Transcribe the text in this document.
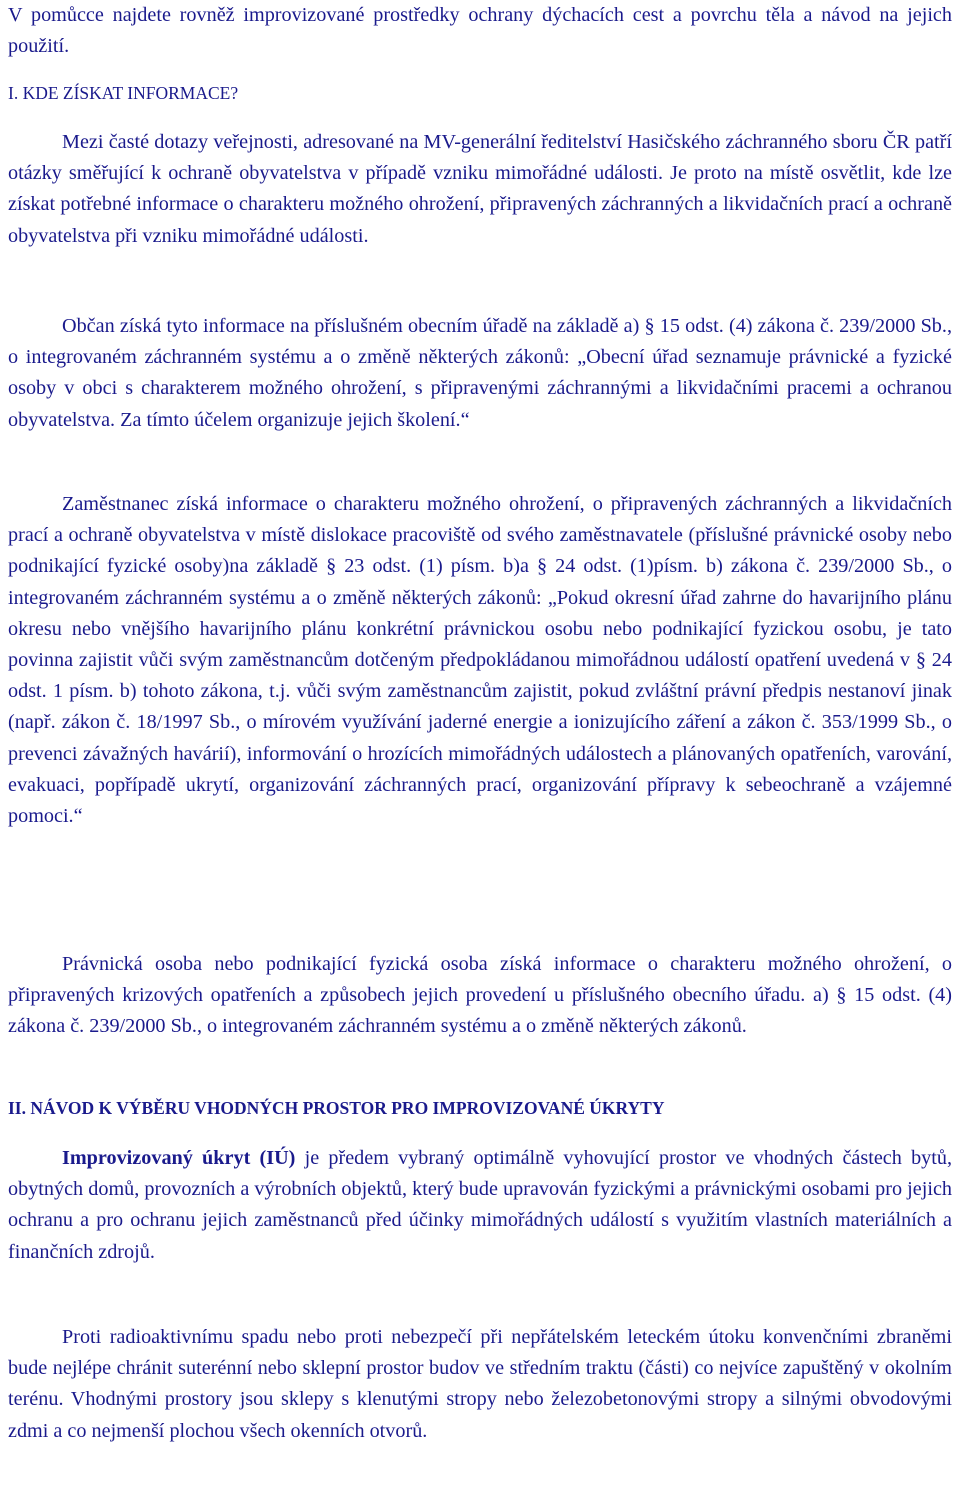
V pomůcce najdete rovněž improvizované prostředky ochrany dýchacích cest a povrchu těla a návod na jejich použití.

I. KDE ZÍSKAT INFORMACE?

Mezi časté dotazy veřejnosti, adresované na MV-generální ředitelství Hasičského záchranného sboru ČR patří otázky směřující k ochraně obyvatelstva v případě vzniku mimořádné události. Je proto na místě osvětlit, kde lze získat potřebné informace o charakteru možného ohrožení, připravených záchranných a likvidačních prací a ochraně obyvatelstva při vzniku mimořádné události.

Občan získá tyto informace na příslušném obecním úřadě na základě a) § 15 odst. (4) zákona č. 239/2000 Sb., o integrovaném záchranném systému a o změně některých zákonů: „Obecní úřad seznamuje právnické a fyzické osoby v obci s charakterem možného ohrožení, s připravenými záchrannými a likvidačními pracemi a ochranou obyvatelstva. Za tímto účelem organizuje jejich školení.“

Zaměstnanec získá informace o charakteru možného ohrožení, o připravených záchranných a likvidačních prací a ochraně obyvatelstva v místě dislokace pracoviště od svého zaměstnavatele (příslušné právnické osoby nebo podnikající fyzické osoby)na základě § 23 odst. (1) písm. b)a § 24 odst. (1)písm. b) zákona č. 239/2000 Sb., o integrovaném záchranném systému a o změně některých zákonů: „Pokud okresní úřad zahrne do havarijního plánu okresu nebo vnějšího havarijního plánu konkrétní právnickou osobu nebo podnikající fyzickou osobu, je tato povinna zajistit vůči svým zaměstnancům dotčeným předpokládanou mimořádnou událostí opatření uvedená v § 24 odst. 1 písm. b) tohoto zákona, t.j. vůči svým zaměstnancům zajistit, pokud zvláštní právní předpis nestanoví jinak (např. zákon č. 18/1997 Sb., o mírovém využívání jaderné energie a ionizujícího záření a zákon č. 353/1999 Sb., o prevenci závažných havárií), informování o hrozících mimořádných událostech a plánovaných opatřeních, varování, evakuaci, popřípadě ukrytí, organizování záchranných prací, organizování přípravy k sebeochraně a vzájemné pomoci.“

Právnická osoba nebo podnikající fyzická osoba získá informace o charakteru možného ohrožení, o připravených krizových opatřeních a způsobech jejich provedení u příslušného obecního úřadu. a) § 15 odst. (4) zákona č. 239/2000 Sb., o integrovaném záchranném systému a o změně některých zákonů.

II. NÁVOD K VÝBĚRU VHODNÝCH PROSTOR PRO IMPROVIZOVANÉ ÚKRYTY

Improvizovaný úkryt (IÚ) je předem vybraný optimálně vyhovující prostor ve vhodných částech bytů, obytných domů, provozních a výrobních objektů, který bude upravován fyzickými a právnickými osobami pro jejich ochranu a pro ochranu jejich zaměstnanců před účinky mimořádných událostí s využitím vlastních materiálních a finančních zdrojů.

Proti radioaktivnímu spadu nebo proti nebezpečí při nepřátelském leteckém útoku konvenčními zbraněmi bude nejlépe chránit suterénní nebo sklepní prostor budov ve středním traktu (části) co nejvíce zapuštěný v okolním terénu. Vhodnými prostory jsou sklepy s klenutými stropy nebo železobetonovými stropy a silnými obvodovými zdmi a co nejmenší plochou všech okenních otvorů.
